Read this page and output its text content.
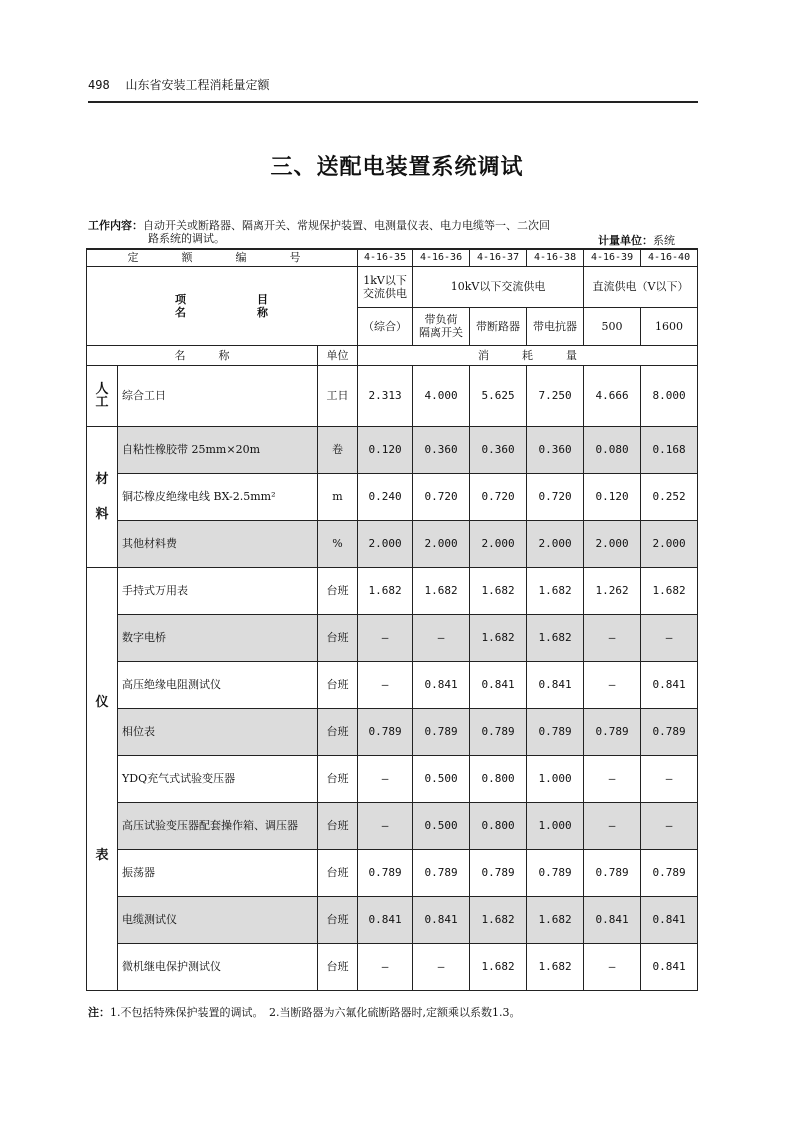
498 山东省安装工程消耗量定额
三、送配电装置系统调试
工作内容：自动开关或断路器、隔离开关、常规保护装置、电测量仪表、电力电缆等一、二次回
路系统的调试。	计量单位：系统
定　额　编　号			4-16-35	4-16-36	4-16-37	4-16-38	4-16-39	4-16-40
项　目　名　称			1kV以下
交流供电	10kV以下交流供电			直流供电（V以下）	
			（综合）	带负荷
隔离开关	带断路器	带电抗器	500	1600
名　　　称		单位	消　　　耗　　　量					

人
工	综合工日	工日	2.313	4.000	5.625	7.250	4.666	8.000

材
料	自粘性橡胶带 25mm×20m	卷	0.120	0.360	0.360	0.360	0.080	0.168
	铜芯橡皮绝缘电线 BX-2.5mm²	m	0.240	0.720	0.720	0.720	0.120	0.252
	其他材料费	%	2.000	2.000	2.000	2.000	2.000	2.000

仪
表	手持式万用表	台班	1.682	1.682	1.682	1.682	1.262	1.682
	数字电桥	台班	—	—	1.682	1.682	—	—
	高压绝缘电阻测试仪	台班	—	0.841	0.841	0.841	—	0.841
	相位表	台班	0.789	0.789	0.789	0.789	0.789	0.789
	YDQ充气式试验变压器	台班	—	0.500	0.800	1.000	—	—
	高压试验变压器配套操作箱、调压器	台班	—	0.500	0.800	1.000	—	—
	振荡器	台班	0.789	0.789	0.789	0.789	0.789	0.789
	电缆测试仪	台班	0.841	0.841	1.682	1.682	0.841	0.841
	微机继电保护测试仪	台班	—	—	1.682	1.682	—	0.841
注：1.不包括特殊保护装置的调试。　2.当断路器为六氟化硫断路器时,定额乘以系数1.3。
